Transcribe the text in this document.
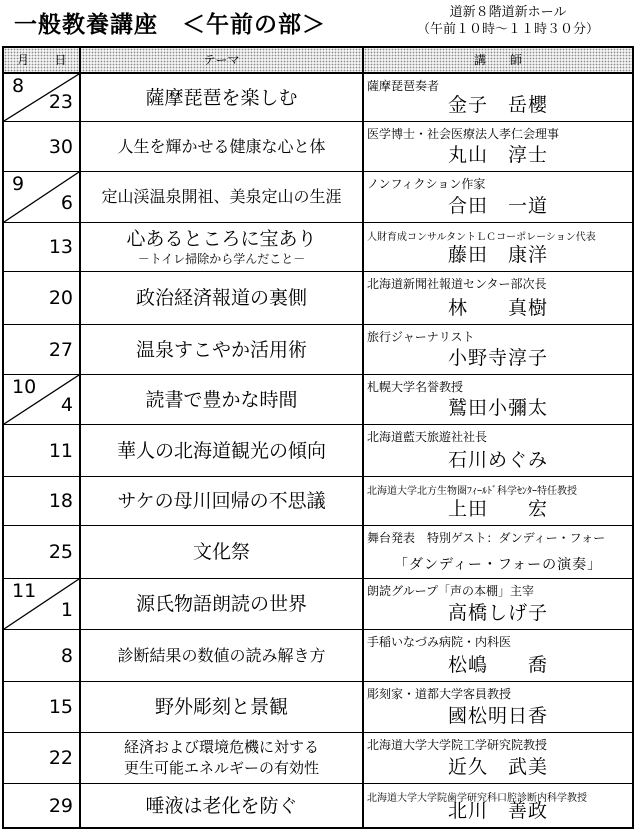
一般教養講座　＜午前の部＞	道新８階道新ホール
（午前１０時～１１時３０分）
月	日	テーマ	講　　師
8
23	薩摩琵琶を楽しむ
薩摩琵琶奏者
金子　岳櫻
30	人生を輝かせる健康な心と体
医学博士・社会医療法人孝仁会理事
丸山　淳士
9
6 定山渓温泉開祖、美泉定山の生涯
ノンフィクション作家
合田　一道
13	心あるところに宝あり
－トイレ掃除から学んだこと－
人財育成コンサルタントＬＣコーポレーション代表
藤田　康洋
20	政治経済報道の裏側
北海道新聞社報道センター部次長
林　　真樹
27	温泉すこやか活用術
旅行ジャーナリスト
小野寺淳子
10
4	読書で豊かな時間
札幌大学名誉教授
鷲田小彌太
11 華人の北海道観光の傾向
北海道藍天旅遊社社長
石川めぐみ
18 サケの母川回帰の不思議	北海道大学北方生物圏ﾌｨｰﾙﾄﾞ科学ｾﾝﾀｰ特任教授
上田　　宏
25	文化祭
舞台発表　特別ゲスト：ダンディー・フォー
「ダンディー・フォーの演奏」
11
1	源氏物語朗読の世界
朗読グループ「声の本棚」主宰
高橋しげ子
8	診断結果の数値の読み解き方
手稲いなづみ病院・内科医
松嶋　　喬
15	野外彫刻と景観
彫刻家・道都大学客員教授
國松明日香
22	経済および環境危機に対する
更生可能エネルギーの有効性
北海道大学大学院工学研究院教授
近久　武美
29	唾液は老化を防ぐ	北海道大学大学院歯学研究科口腔診断内科学教授
北川　善政
